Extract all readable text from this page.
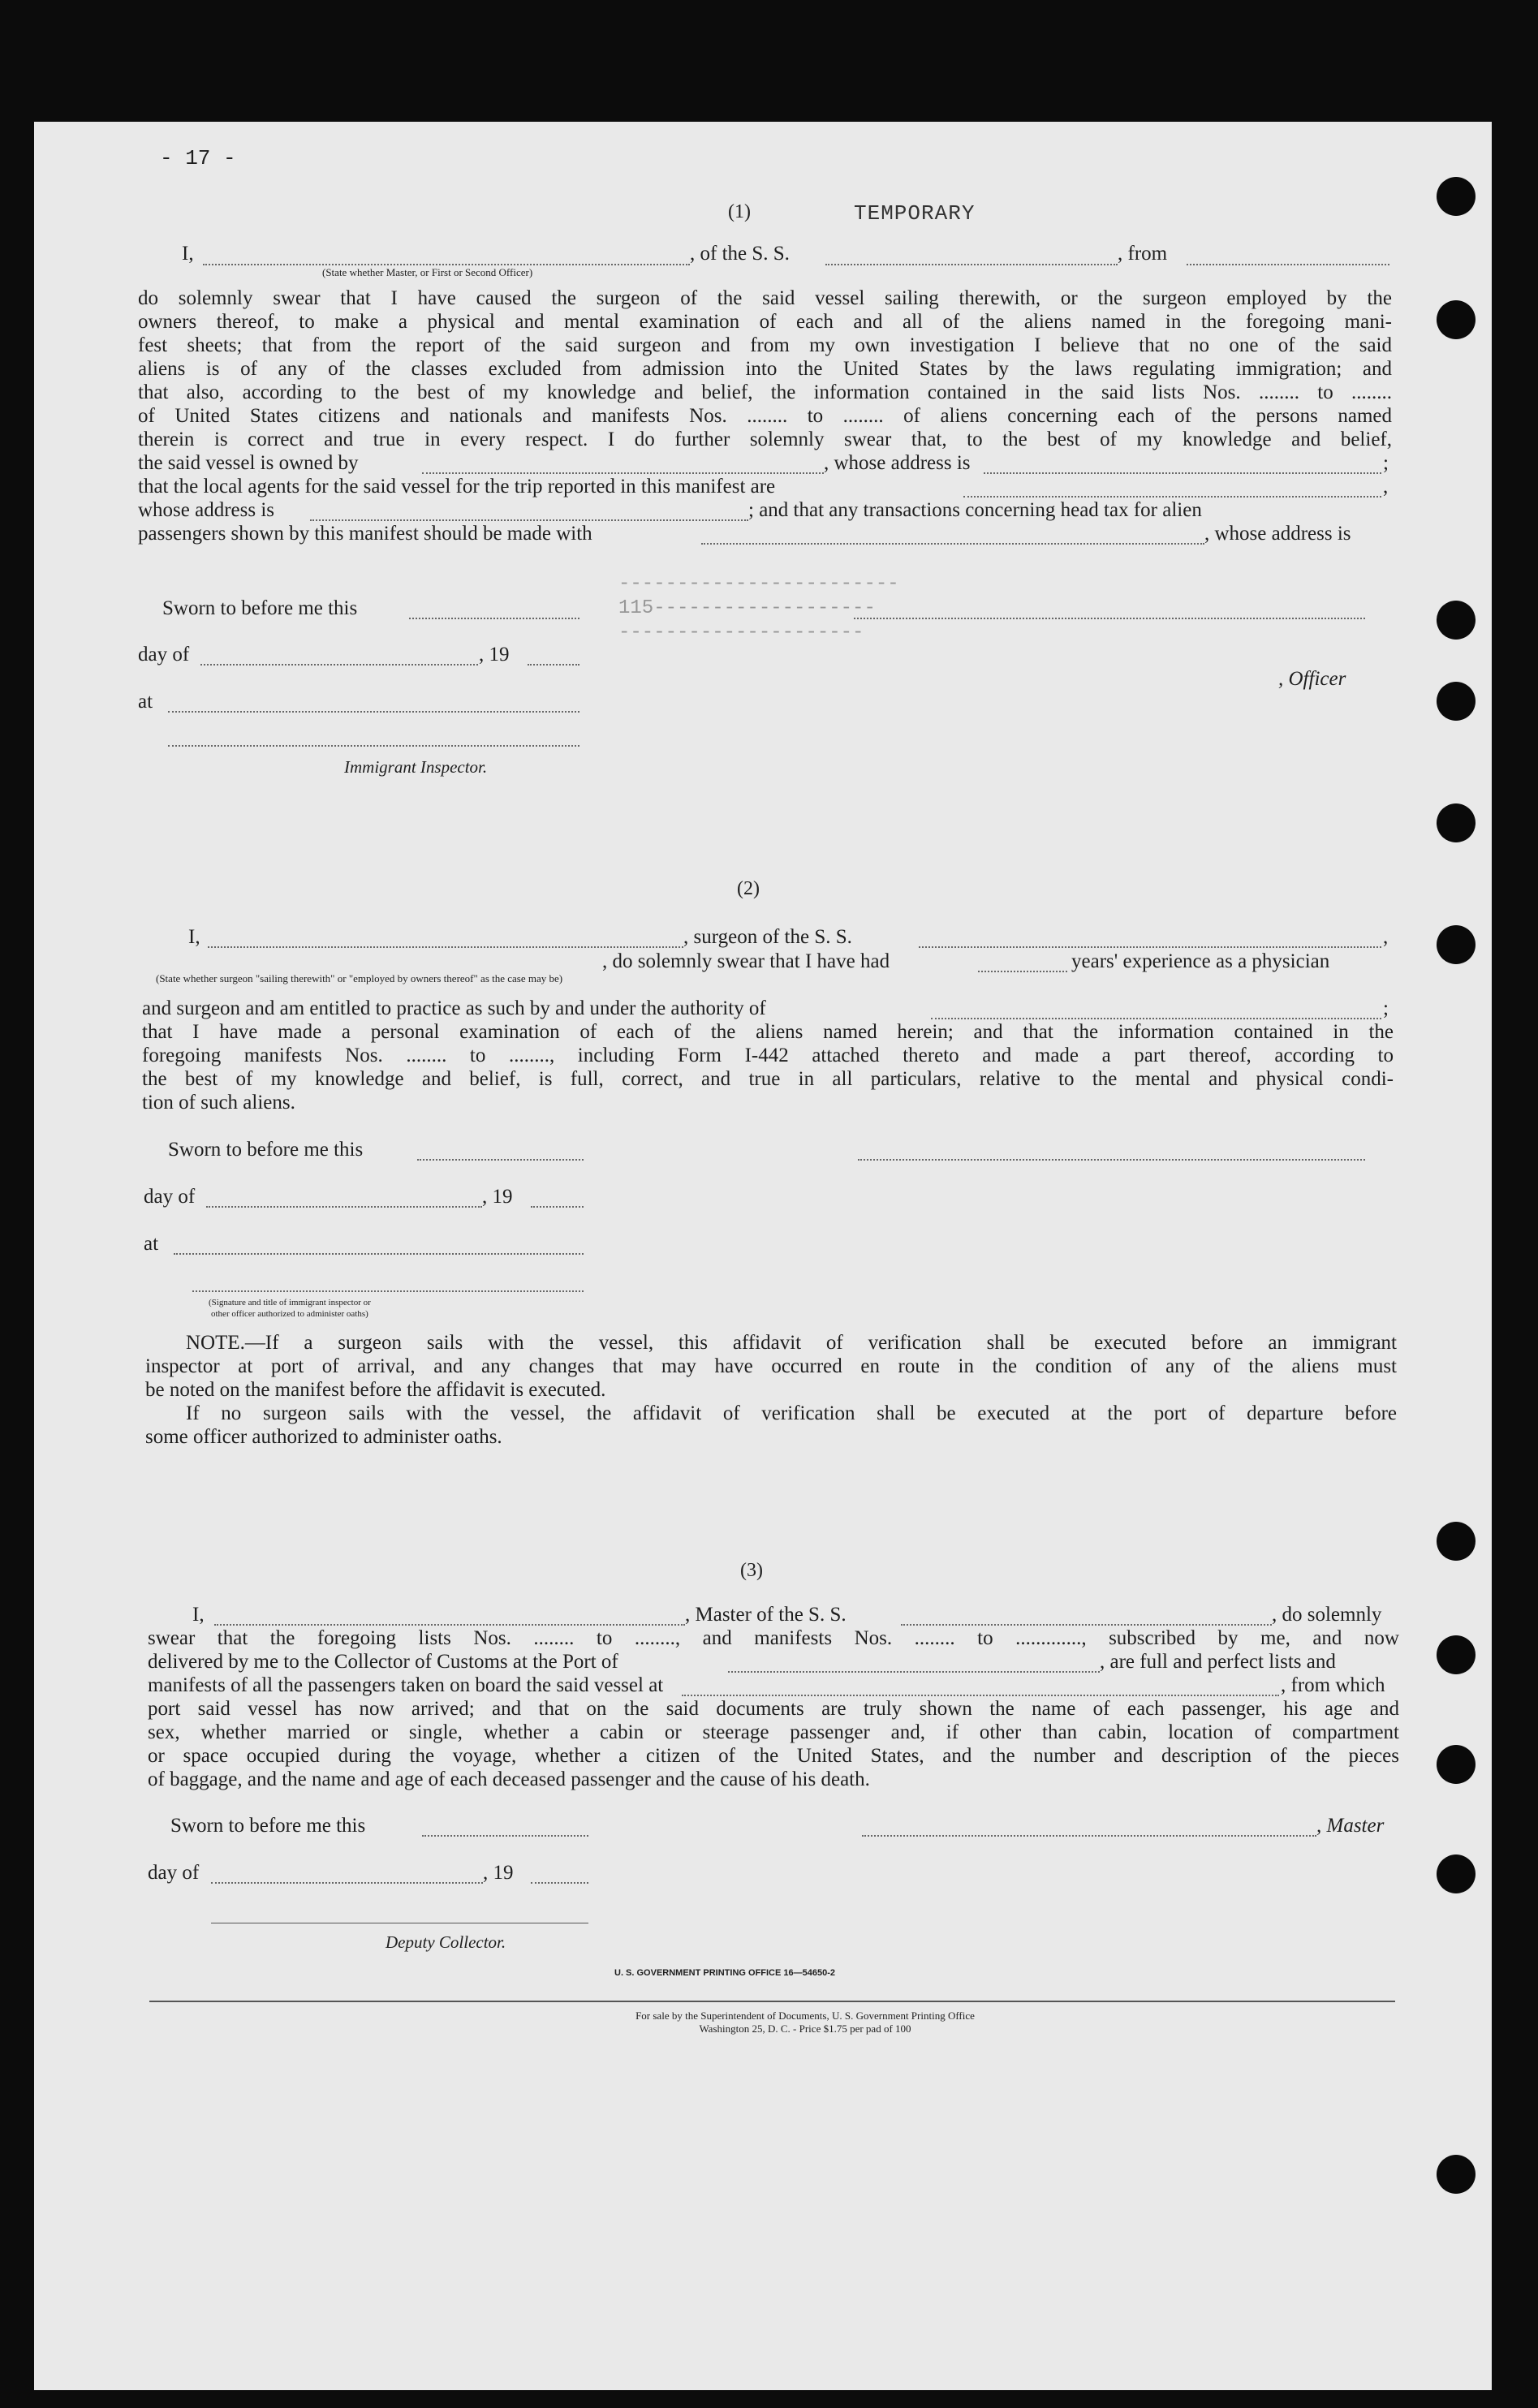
- 17 -
TEMPORARY
------------------------
115-------------------
---------------------

(1)
I,	, of the S. S.	, from
(State whether Master, or First or Second Officer)
do solemnly swear that I have caused the surgeon of the said vessel sailing therewith, or the surgeon employed by the
owners thereof, to make a physical and mental examination of each and all of the aliens named in the foregoing mani-
fest sheets; that from the report of the said surgeon and from my own investigation I believe that no one of the said
aliens is of any of the classes excluded from admission into the United States by the laws regulating immigration; and
that also, according to the best of my knowledge and belief, the information contained in the said lists Nos. ........ to ........
of United States citizens and nationals and manifests Nos. ........ to ........ of aliens concerning each of the persons named
therein is correct and true in every respect. I do further solemnly swear that, to the best of my knowledge and belief,
the said vessel is owned by	, whose address is	;
that the local agents for the said vessel for the trip reported in this manifest are	,
whose address is	; and that any transactions concerning head tax for alien
passengers shown by this manifest should be made with	, whose address is
Sworn to before me this
day of	, 19
, Officer
at
Immigrant Inspector.
(2)
I,	, surgeon of the S. S.	,
(State whether surgeon "sailing therewith" or "employed by owners thereof" as the case may be)
, do solemnly swear that I have had	years' experience as a physician
and surgeon and am entitled to practice as such by and under the authority of	;
that I have made a personal examination of each of the aliens named herein; and that the information contained in the
foregoing manifests Nos. ........ to ........, including Form I-442 attached thereto and made a part thereof, according to
the best of my knowledge and belief, is full, correct, and true in all particulars, relative to the mental and physical condi-
tion of such aliens.
Sworn to before me this
day of	, 19
at
(Signature and title of immigrant inspector or
other officer authorized to administer oaths)
NOTE.—If a surgeon sails with the vessel, this affidavit of verification shall be executed before an immigrant
inspector at port of arrival, and any changes that may have occurred en route in the condition of any of the aliens must
be noted on the manifest before the affidavit is executed.
If no surgeon sails with the vessel, the affidavit of verification shall be executed at the port of departure before
some officer authorized to administer oaths.
(3)
I,	, Master of the S. S.	, do solemnly
swear that the foregoing lists Nos. ........ to ........, and manifests Nos. ........ to ............., subscribed by me, and now
delivered by me to the Collector of Customs at the Port of	, are full and perfect lists and
manifests of all the passengers taken on board the said vessel at	, from which
port said vessel has now arrived; and that on the said documents are truly shown the name of each passenger, his age and
sex, whether married or single, whether a cabin or steerage passenger and, if other than cabin, location of compartment
or space occupied during the voyage, whether a citizen of the United States, and the number and description of the pieces
of baggage, and the name and age of each deceased passenger and the cause of his death.
Sworn to before me this	, Master
day of	, 19
Deputy Collector.
U. S. GOVERNMENT PRINTING OFFICE 16—54650-2
For sale by the Superintendent of Documents, U. S. Government Printing Office
Washington 25, D. C. - Price $1.75 per pad of 100
